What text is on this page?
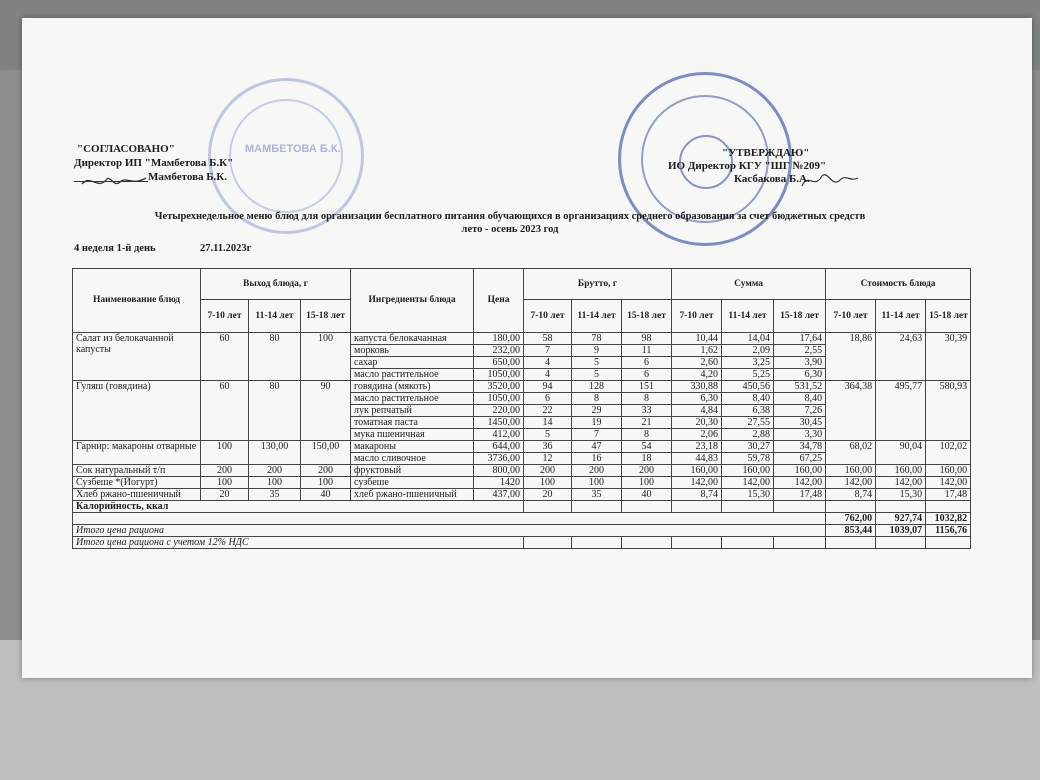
МАМБЕТОВА Б.К.
"СОГЛАСОВАНО"
Директор ИП "Мамбетова Б.К"
Мамбетова Б.К.
"УТВЕРЖДАЮ"
ИО Директор КГУ "ШГ №209"
Касбакова Б.А.
Четырехнедельное меню блюд для организации бесплатного питания обучающихся в организациях среднего образования за счет бюджетных средств
лето - осень 2023 год
4 неделя 1-й день	27.11.2023г
Наименование блюд	Выход блюда, г			Ингредиенты блюда	Цена	Брутто, г			Сумма			Стоимость блюда		
	7-10 лет	11-14 лет	15-18 лет			7-10 лет	11-14 лет	15-18 лет	7-10 лет	11-14 лет	15-18 лет	7-10 лет	11-14 лет	15-18 лет
Салат из белокачанной капусты	60	80	100	капуста белокачанная	180,00	58	78	98	10,44	14,04	17,64	18,86	24,63	30,39
				морковь	232,00	7	9	11	1,62	2,09	2,55			
				сахар	650,00	4	5	6	2,60	3,25	3,90			
				масло растительное	1050,00	4	5	6	4,20	5,25	6,30			
Гуляш (говядина)	60	80	90	говядина (мякоть)	3520,00	94	128	151	330,88	450,56	531,52	364,38	495,77	580,93
				масло растительное	1050,00	6	8	8	6,30	8,40	8,40			
				лук репчатый	220,00	22	29	33	4,84	6,38	7,26			
				томатная паста	1450,00	14	19	21	20,30	27,55	30,45			
				мука пшеничная	412,00	5	7	8	2,06	2,88	3,30			
Гарнир: макароны отварные	100	130,00	150,00	макароны	644,00	36	47	54	23,18	30,27	34,78	68,02	90,04	102,02
				масло сливочное	3736,00	12	16	18	44,83	59,78	67,25			
Сок натуральный т/п	200	200	200	фруктовый	800,00	200	200	200	160,00	160,00	160,00	160,00	160,00	160,00
Сузбеше *(Йогурт)	100	100	100	сузбеше	1420	100	100	100	142,00	142,00	142,00	142,00	142,00	142,00
Хлеб ржано-пшеничный	20	35	40	хлеб ржано-пшеничный	437,00	20	35	40	8,74	15,30	17,48	8,74	15,30	17,48
Калорийность, ккал														
												762,00	927,74	1032,82
Итого цена рациона												853,44	1039,07	1156,76
Итого цена рациона с учетом 12% НДС														
